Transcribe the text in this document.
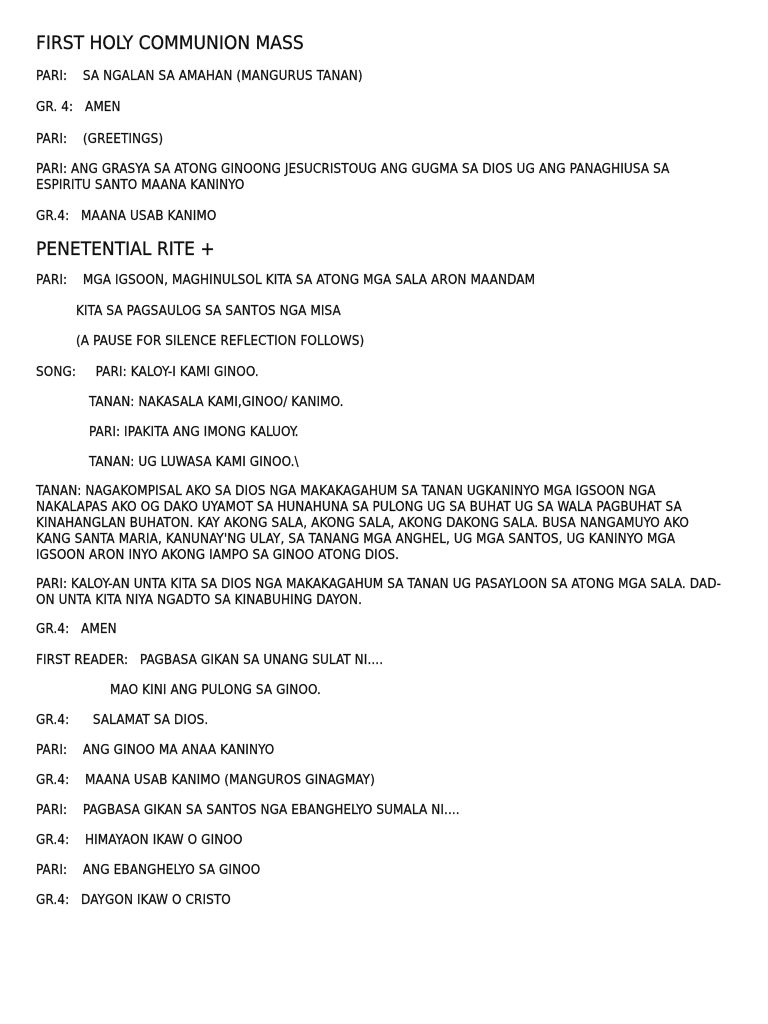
FIRST HOLY COMMUNION MASS
PARI:    SA NGALAN SA AMAHAN (MANGURUS TANAN)
GR. 4:   AMEN
PARI:    (GREETINGS)
PARI: ANG GRASYA SA ATONG GINOONG JESUCRISTOUG ANG GUGMA SA DIOS UG ANG PANAGHIUSA SA ESPIRITU SANTO MAANA KANINYO
GR.4:   MAANA USAB KANIMO
PENETENTIAL RITE +
PARI:    MGA IGSOON, MAGHINULSOL KITA SA ATONG MGA SALA ARON MAANDAM
KITA SA PAGSAULOG SA SANTOS NGA MISA
(A PAUSE FOR SILENCE REFLECTION FOLLOWS)
SONG:     PARI: KALOY-I KAMI GINOO.
TANAN: NAKASALA KAMI,GINOO/ KANIMO.
PARI: IPAKITA ANG IMONG KALUOY.
TANAN: UG LUWASA KAMI GINOO.\
TANAN: NAGAKOMPISAL AKO SA DIOS NGA MAKAKAGAHUM SA TANAN UGKANINYO MGA IGSOON NGA NAKALAPAS AKO OG DAKO UYAMOT SA HUNAHUNA SA PULONG UG SA BUHAT UG SA WALA PAGBUHAT SA KINAHANGLAN BUHATON. KAY AKONG SALA, AKONG SALA, AKONG DAKONG SALA. BUSA NANGAMUYO AKO KANG SANTA MARIA, KANUNAY'NG ULAY, SA TANANG MGA ANGHEL, UG MGA SANTOS, UG KANINYO MGA IGSOON ARON INYO AKONG IAMPO SA GINOO ATONG DIOS.
PARI: KALOY-AN UNTA KITA SA DIOS NGA MAKAKAGAHUM SA TANAN UG PASAYLOON SA ATONG MGA SALA. DAD-ON UNTA KITA NIYA NGADTO SA KINABUHING DAYON.
GR.4:   AMEN
FIRST READER:   PAGBASA GIKAN SA UNANG SULAT NI....
MAO KINI ANG PULONG SA GINOO.
GR.4:      SALAMAT SA DIOS.
PARI:    ANG GINOO MA ANAA KANINYO
GR.4:    MAANA USAB KANIMO (MANGUROS GINAGMAY)
PARI:    PAGBASA GIKAN SA SANTOS NGA EBANGHELYO SUMALA NI....
GR.4:    HIMAYAON IKAW O GINOO
PARI:    ANG EBANGHELYO SA GINOO
GR.4:   DAYGON IKAW O CRISTO
